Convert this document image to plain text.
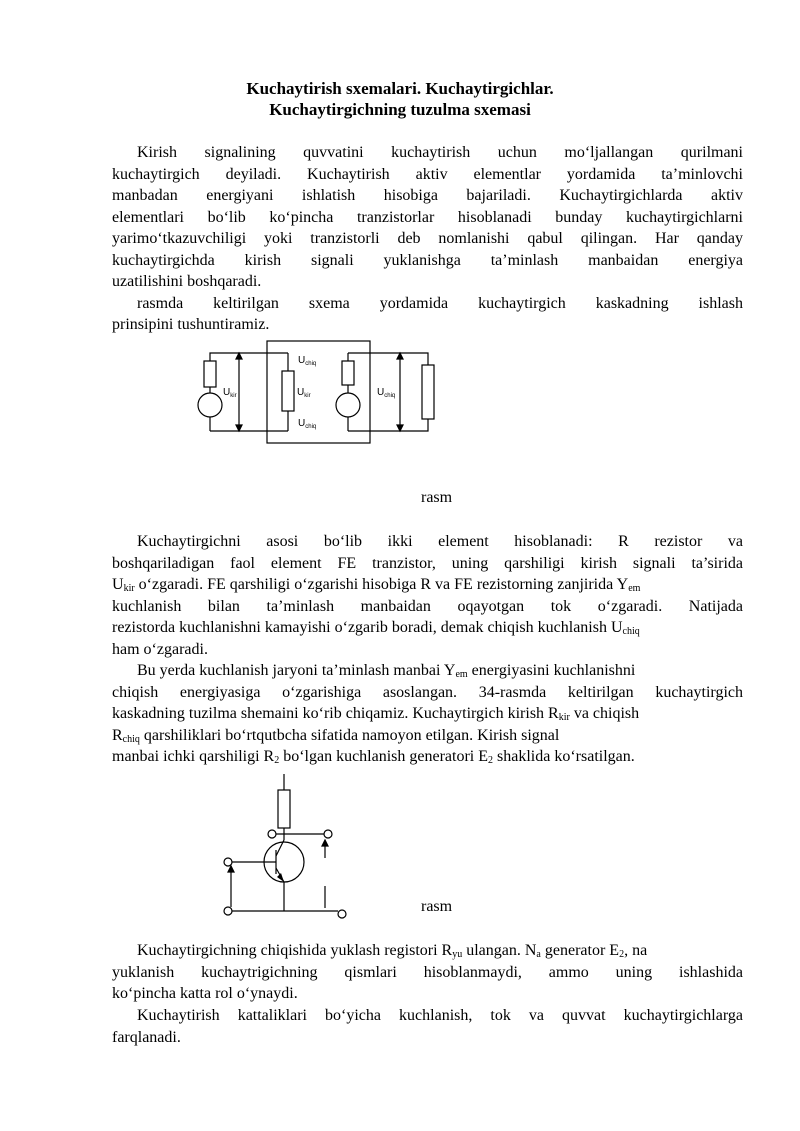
Kuchaytirish sxemalari. Kuchaytirgichlar.
Kuchaytirgichning tuzulma sxemasi
Kirish signalining quvvatini kuchaytirish uchun mo‘ljallangan qurilmani
kuchaytirgich deyiladi. Kuchaytirish aktiv elementlar yordamida ta’minlovchi
manbadan energiyani ishlatish hisobiga bajariladi. Kuchaytirgichlarda aktiv
elementlari bo‘lib ko‘pincha tranzistorlar hisoblanadi bunday kuchaytirgichlarni
yarimo‘tkazuvchiligi yoki tranzistorli deb nomlanishi qabul qilingan. Har qanday
kuchaytirgichda kirish signali yuklanishga ta’minlash manbaidan energiya
uzatilishini boshqaradi.
rasmda keltirilgan sxema yordamida kuchaytirgich kaskadning ishlash
prinsipini tushuntiramiz.
$U_{chiq}$
$U_{kir}$	$U_{kir}$
$U_{chiq}$
$U_{chiq}$
rasm
Kuchaytirgichni asosi bo‘lib ikki element hisoblanadi: R rezistor va
boshqariladigan faol element FE tranzistor, uning qarshiligi kirish signali ta’sirida
$U_{kir}$ o‘zgaradi. FE qarshiligi o‘zgarishi hisobiga R va FE rezistorning zanjirida $Y_{em}$
kuchlanish bilan ta’minlash manbaidan oqayotgan tok o‘zgaradi. Natijada
rezistorda kuchlanishni kamayishi o‘zgarib boradi, demak chiqish kuchlanish $U_{chiq}$
ham o‘zgaradi.
Bu yerda kuchlanish jaryoni ta’minlash manbai $Y_{em}$ energiyasini kuchlanishni
chiqish energiyasiga o‘zgarishiga asoslangan. 34-rasmda keltirilgan kuchaytirgich
kaskadning tuzilma shemaini ko‘rib chiqamiz. Kuchaytirgich kirish $R_{kir}$ va chiqish
$R_{chiq}$ qarshiliklari bo‘rtqutbcha sifatida namoyon etilgan. Kirish signal
manbai ichki qarshiligi $R_2$ bo‘lgan kuchlanish generatori $E_2$ shaklida ko‘rsatilgan.
rasm
Kuchaytirgichning chiqishida yuklash registori $R_{yu}$ ulangan. $N_a$ generator $E_2$, na
yuklanish kuchaytrigichning qismlari hisoblanmaydi, ammo uning ishlashida
ko‘pincha katta rol o‘ynaydi.
Kuchaytirish kattaliklari bo‘yicha kuchlanish, tok va quvvat kuchaytirgichlarga
farqlanadi.
